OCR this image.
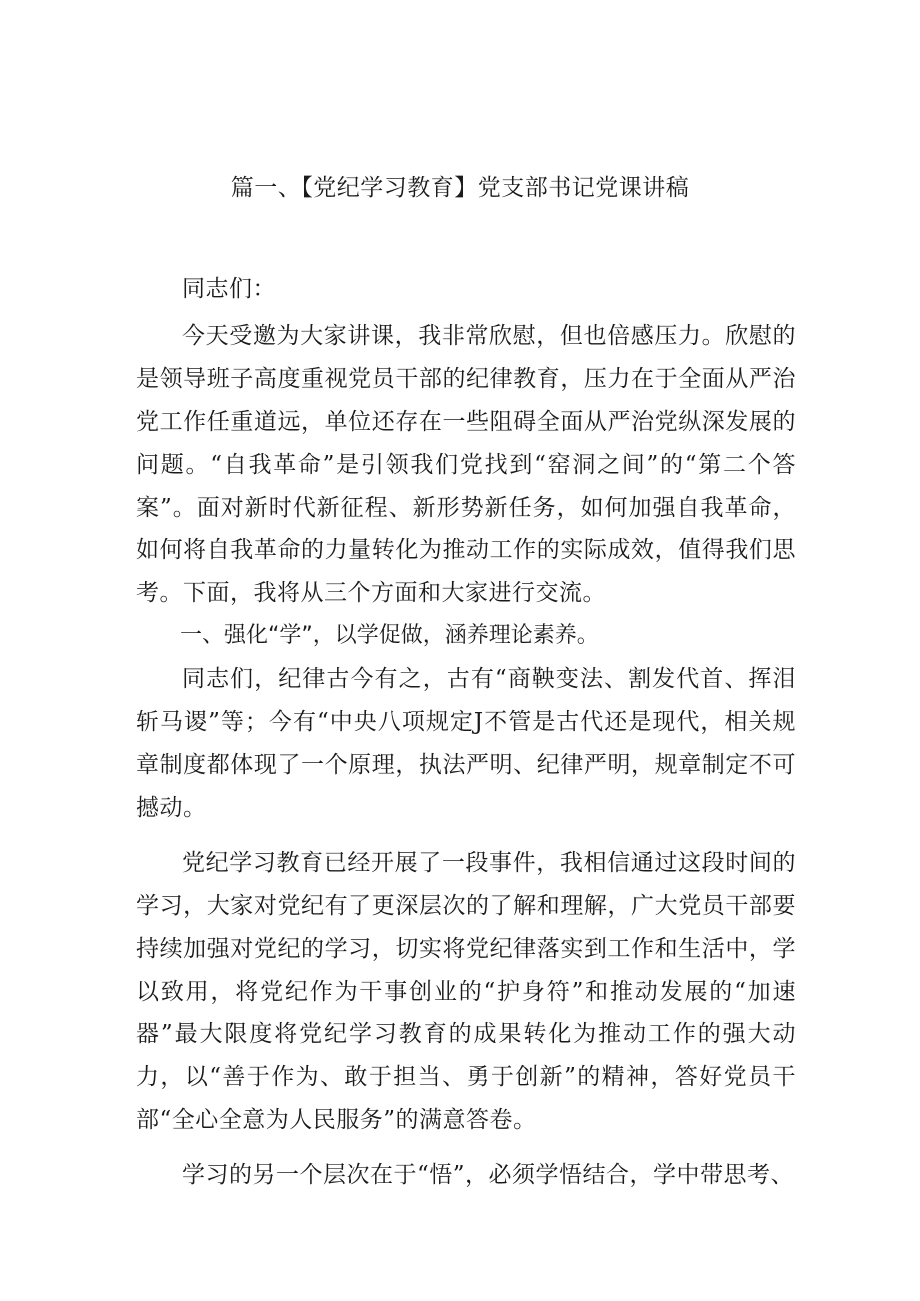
篇一、【党纪学习教育】党支部书记党课讲稿

同志们：

今天受邀为大家讲课，我非常欣慰，但也倍感压力。欣慰的是领导班子高度重视党员干部的纪律教育，压力在于全面从严治党工作任重道远，单位还存在一些阻碍全面从严治党纵深发展的问题。“自我革命”是引领我们党找到“窑洞之间”的“第二个答案”。面对新时代新征程、新形势新任务，如何加强自我革命，如何将自我革命的力量转化为推动工作的实际成效，值得我们思考。下面，我将从三个方面和大家进行交流。

一、强化“学”，以学促做，涵养理论素养。

同志们，纪律古今有之，古有“商鞅变法、割发代首、挥泪斩马谡”等；今有“中央八项规定J不管是古代还是现代，相关规章制度都体现了一个原理，执法严明、纪律严明，规章制定不可撼动。

党纪学习教育已经开展了一段事件，我相信通过这段时间的学习，大家对党纪有了更深层次的了解和理解，广大党员干部要持续加强对党纪的学习，切实将党纪律落实到工作和生活中，学以致用，将党纪作为干事创业的“护身符”和推动发展的“加速器”最大限度将党纪学习教育的成果转化为推动工作的强大动力，以“善于作为、敢于担当、勇于创新”的精神，答好党员干部“全心全意为人民服务”的满意答卷。

学习的另一个层次在于“悟”，必须学悟结合，学中带思考、
